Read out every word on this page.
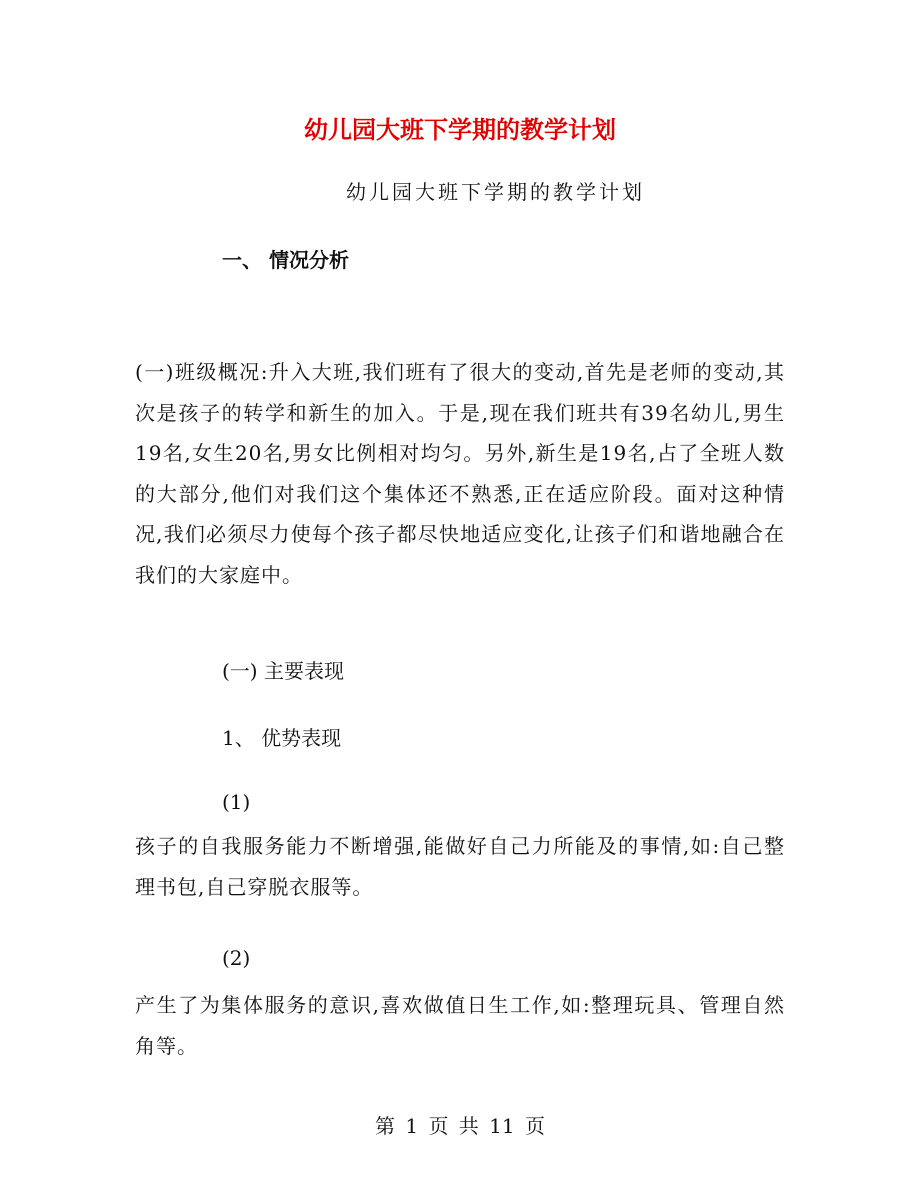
幼儿园大班下学期的教学计划
幼儿园大班下学期的教学计划
一、 情况分析
(一)班级概况:升入大班,我们班有了很大的变动,首先是老师的变动,其次是孩子的转学和新生的加入。于是,现在我们班共有39名幼儿,男生19名,女生20名,男女比例相对均匀。另外,新生是19名,占了全班人数的大部分,他们对我们这个集体还不熟悉,正在适应阶段。面对这种情况,我们必须尽力使每个孩子都尽快地适应变化,让孩子们和谐地融合在我们的大家庭中。
(一) 主要表现
1、 优势表现
(1)
孩子的自我服务能力不断增强,能做好自己力所能及的事情,如:自己整理书包,自己穿脱衣服等。
(2)
产生了为集体服务的意识,喜欢做值日生工作,如:整理玩具、管理自然角等。
第 1 页 共 11 页
